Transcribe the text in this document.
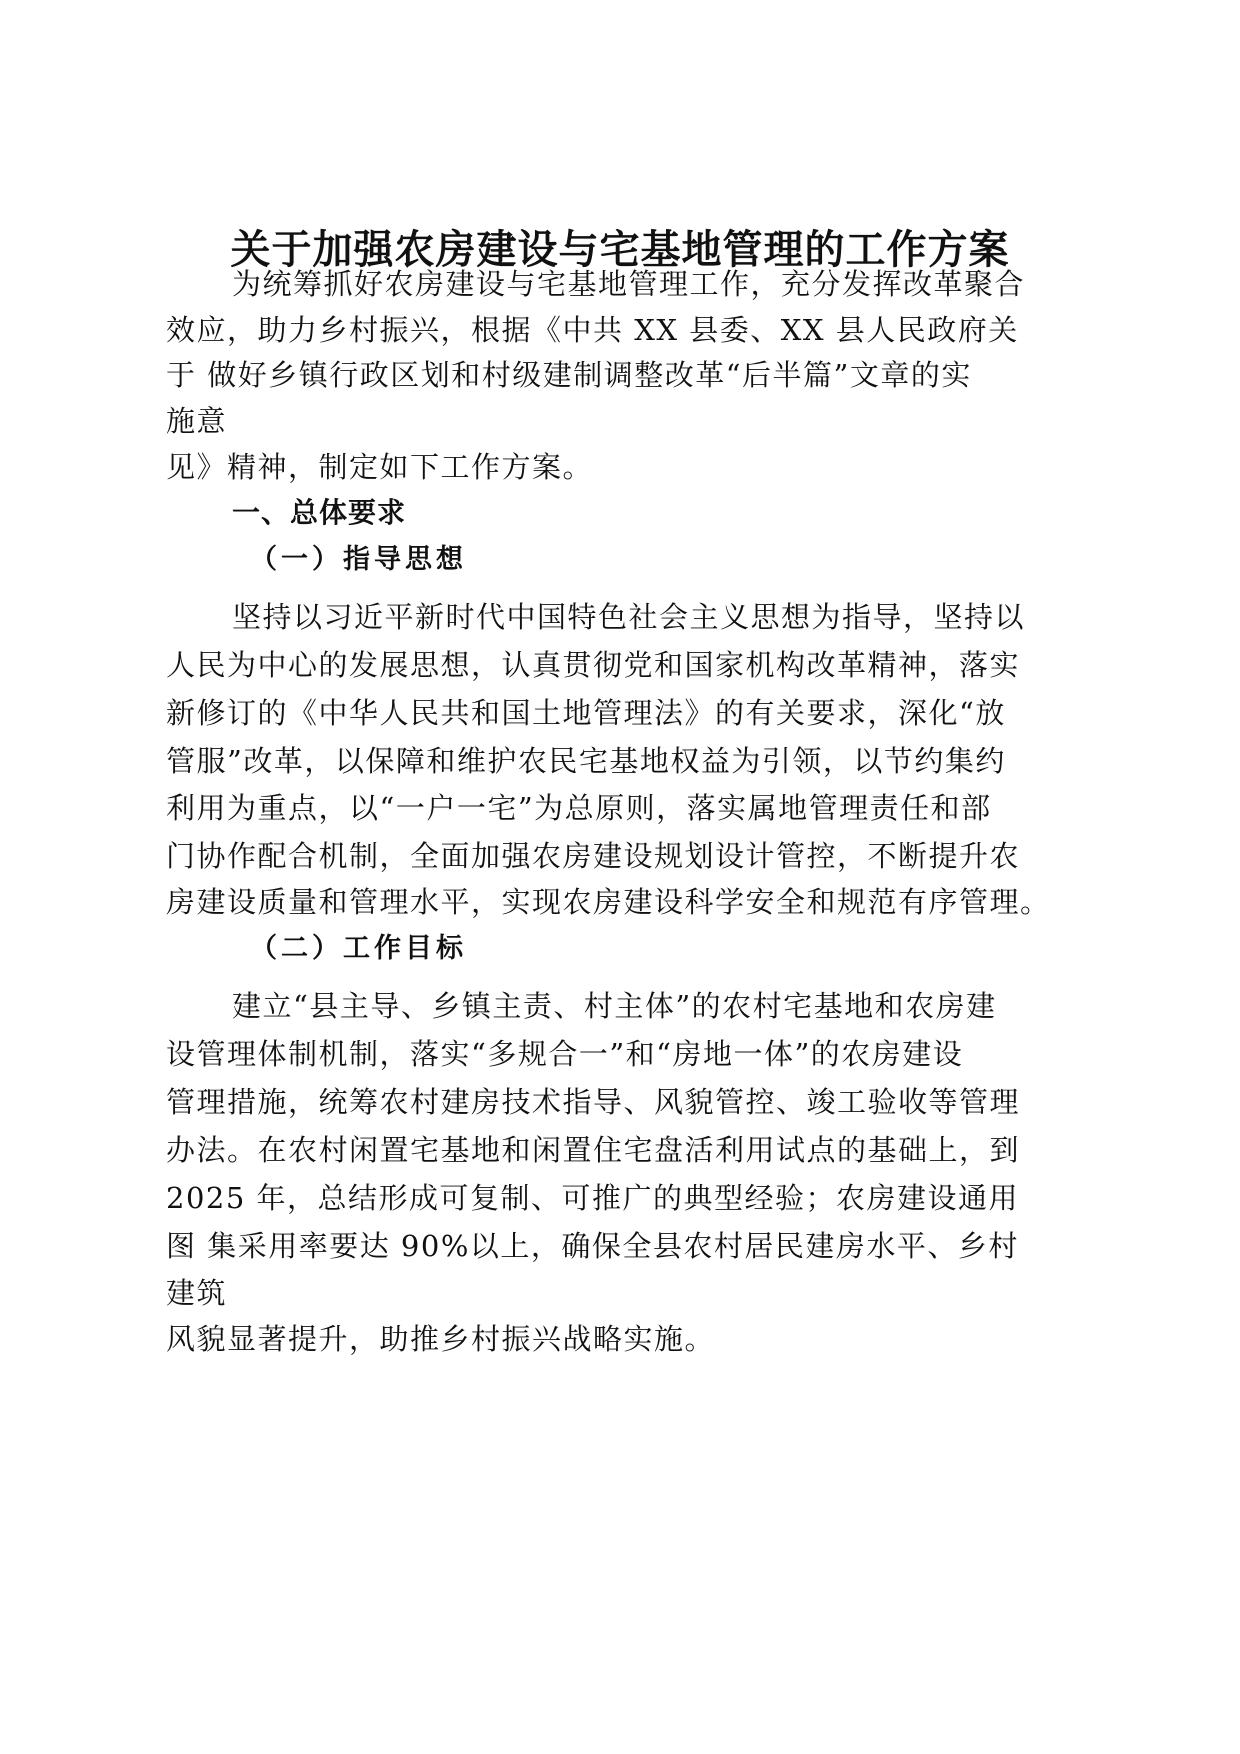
关于加强农房建设与宅基地管理的工作方案

为统筹抓好农房建设与宅基地管理工作，充分发挥改革聚合

效应，助力乡村振兴，根据《中共 XX 县委、XX 县人民政府关

于 做好乡镇行政区划和村级建制调整改革“后半篇”文章的实

施意

见》精神，制定如下工作方案。

一、总体要求
（一）指导思想

坚持以习近平新时代中国特色社会主义思想为指导，坚持以

人民为中心的发展思想，认真贯彻党和国家机构改革精神，落实

新修订的《中华人民共和国土地管理法》的有关要求，深化“放

管服”改革，以保障和维护农民宅基地权益为引领，以节约集约

利用为重点，以“一户一宅”为总原则，落实属地管理责任和部

门协作配合机制，全面加强农房建设规划设计管控，不断提升农

房建设质量和管理水平，实现农房建设科学安全和规范有序管理。

（二）工作目标

建立“县主导、乡镇主责、村主体”的农村宅基地和农房建

设管理体制机制，落实“多规合一”和“房地一体”的农房建设

管理措施，统筹农村建房技术指导、风貌管控、竣工验收等管理

办法。在农村闲置宅基地和闲置住宅盘活利用试点的基础上，到

2025 年，总结形成可复制、可推广的典型经验；农房建设通用

图 集采用率要达 90%以上，确保全县农村居民建房水平、乡村

建筑

风貌显著提升，助推乡村振兴战略实施。
